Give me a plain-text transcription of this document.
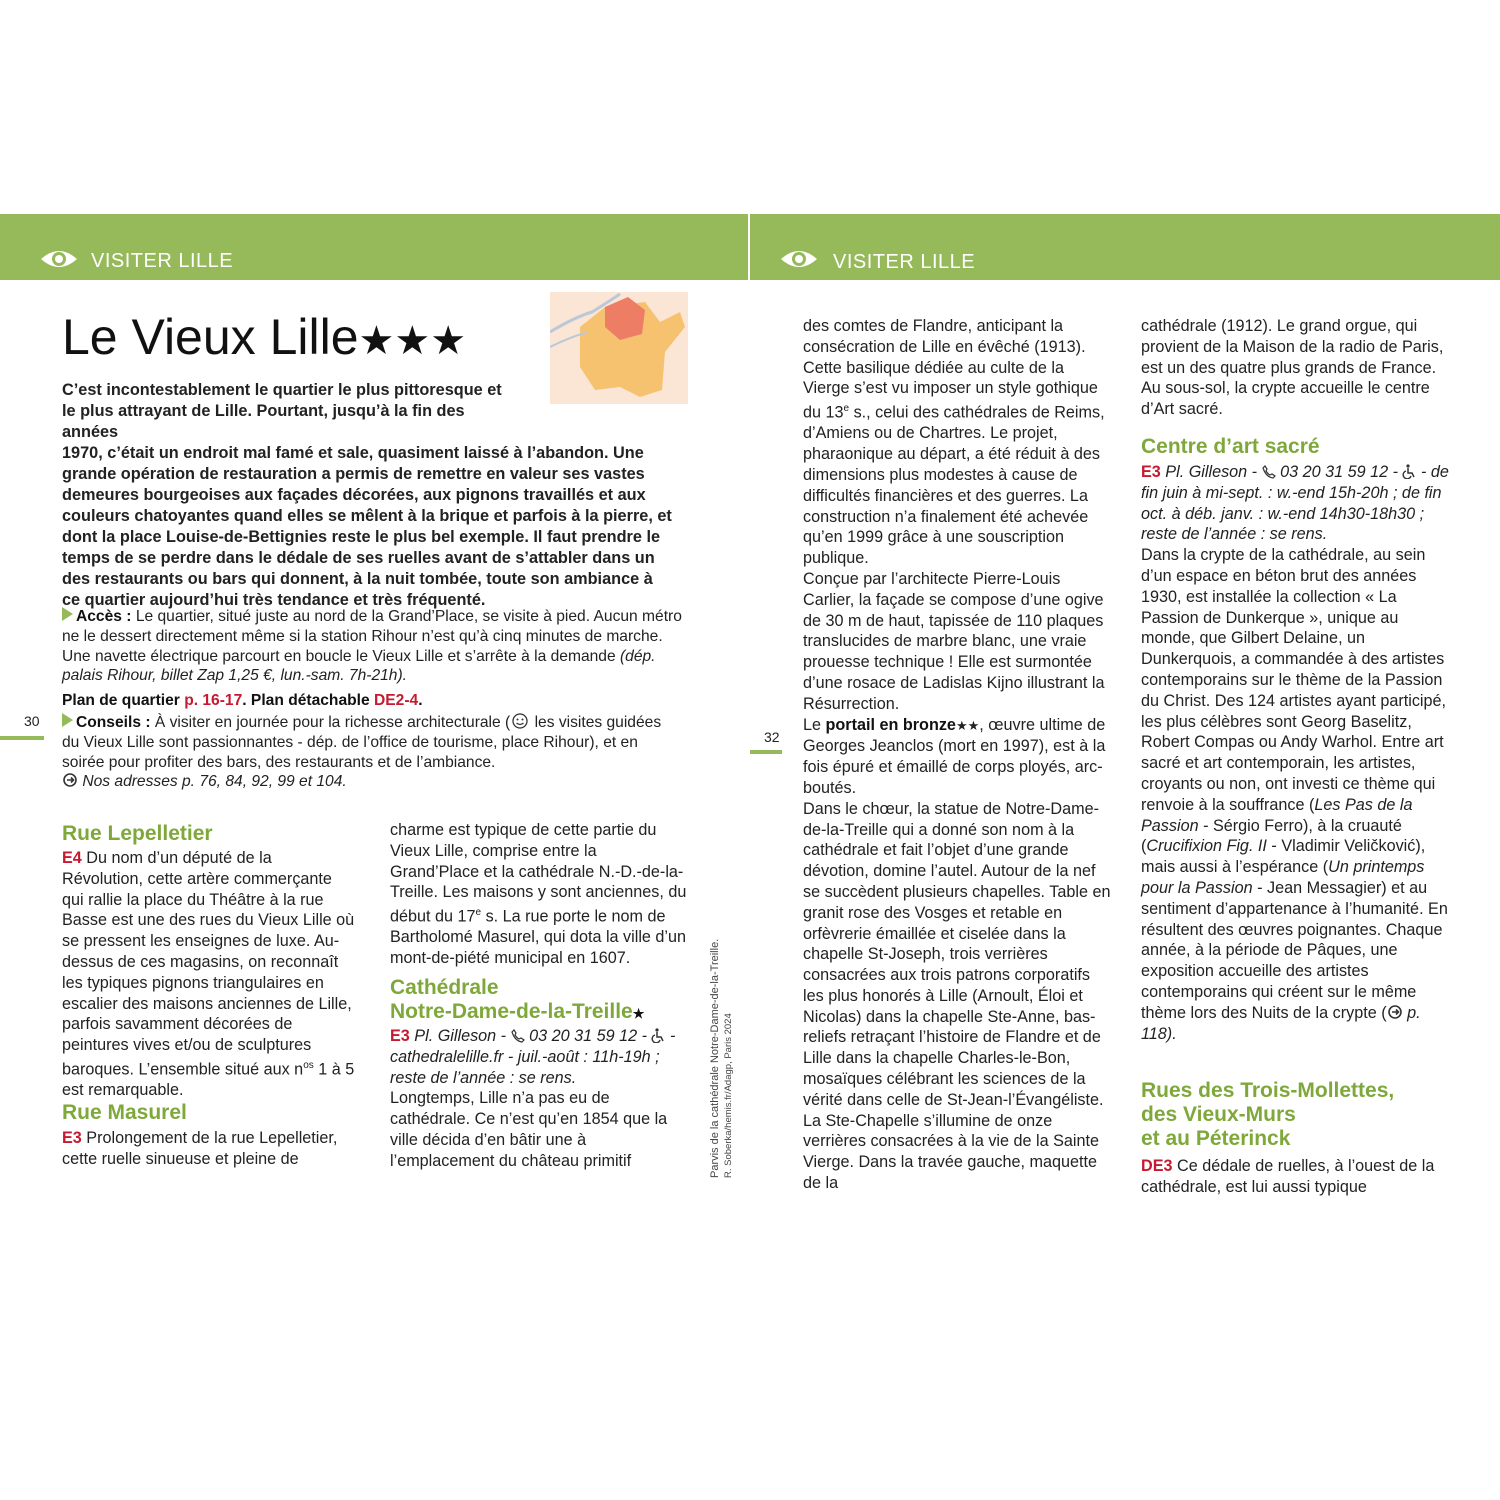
VISITER LILLE	VISITER LILLE
30
32
Le Vieux Lille★★★
C’est incontestablement le quartier le plus pittoresque et
le plus attrayant de Lille. Pourtant, jusqu’à la fin des années
1970, c’était un endroit mal famé et sale, quasiment laissé à l’abandon. Une grande opération de restauration a permis de remettre en valeur ses vastes demeures bourgeoises aux façades décorées, aux pignons travaillés et aux couleurs chatoyantes quand elles se mêlent à la brique et parfois à la pierre, et dont la place Louise-de-Bettignies reste le plus bel exemple. Il faut prendre le temps de se perdre dans le dédale de ses ruelles avant de s’attabler dans un des restaurants ou bars qui donnent, à la nuit tombée, toute son ambiance à ce quartier aujourd’hui très tendance et très fréquenté.
Accès : Le quartier, situé juste au nord de la Grand’Place, se visite à pied. Aucun métro ne le dessert directement même si la station Rihour n’est qu’à cinq minutes de marche. Une navette électrique parcourt en boucle le Vieux Lille et s’arrête à la demande (dép. palais Rihour, billet Zap 1,25 €, lun.-sam. 7h-21h).
Plan de quartier p. 16-17. Plan détachable DE2-4.
Conseils : À visiter en journée pour la richesse architecturale ( les visites guidées du Vieux Lille sont passionnantes - dép. de l’office de tourisme, place Rihour), et en soirée pour profiter des bars, des restaurants et de l’ambiance.
Nos adresses p. 76, 84, 92, 99 et 104.
Rue Lepelletier
E4 Du nom d’un député de la Révolution, cette artère commerçante qui rallie la place du Théâtre à la rue Basse est une des rues du Vieux Lille où se pressent les enseignes de luxe. Au-dessus de ces magasins, on reconnaît les typiques pignons triangulaires en escalier des maisons anciennes de Lille, parfois savamment décorées de peintures vives et/ou de sculptures baroques. L’ensemble situé aux $n^{os}$ 1 à 5 est remarquable.
Rue Masurel
E3 Prolongement de la rue Lepelletier, cette ruelle sinueuse et pleine de
charme est typique de cette partie du Vieux Lille, comprise entre la Grand’Place et la cathédrale N.-D.-de-la-Treille. Les maisons y sont anciennes, du début du 17e s. La rue porte le nom de Bartholomé Masurel, qui dota la ville d’un mont-de-piété municipal en 1607.
Cathédrale
Notre-Dame-de-la-Treille★
E3 Pl. Gilleson -  03 20 31 59 12 -  - cathedralelille.fr - juil.-août : 11h-19h ; reste de l’année : se rens.
Longtemps, Lille n’a pas eu de cathédrale. Ce n’est qu’en 1854 que la ville décida d’en bâtir une à l’emplacement du château primitif	Parvis de la cathédrale Notre-Dame-de-la-Treille. R. Soberka/hemis.fr/Adagp, Paris 2024
des comtes de Flandre, anticipant la consécration de Lille en évêché (1913). Cette basilique dédiée au culte de la Vierge s’est vu imposer un style gothique du 13e s., celui des cathédrales de Reims, d’Amiens ou de Chartres. Le projet, pharaonique au départ, a été réduit à des dimensions plus modestes à cause de difficultés financières et des guerres. La construction n’a finalement été achevée qu’en 1999 grâce à une souscription publique.
Conçue par l’architecte Pierre-Louis Carlier, la façade se compose d’une ogive de 30 m de haut, tapissée de 110 plaques translucides de marbre blanc, une vraie prouesse technique ! Elle est surmontée d’une rosace de Ladislas Kijno illustrant la Résurrection.
Le portail en bronze★★, œuvre ultime de Georges Jeanclos (mort en 1997), est à la fois épuré et émaillé de corps ployés, arc-boutés.
Dans le chœur, la statue de Notre-Dame-de-la-Treille qui a donné son nom à la cathédrale et fait l’objet d’une grande dévotion, domine l’autel. Autour de la nef se succèdent plusieurs chapelles. Table en granit rose des Vosges et retable en orfèvrerie émaillée et ciselée dans la chapelle St-Joseph, trois verrières consacrées aux trois patrons corporatifs les plus honorés à Lille (Arnoult, Éloi et Nicolas) dans la chapelle Ste-Anne, bas-reliefs retraçant l’histoire de Flandre et de Lille dans la chapelle Charles-le-Bon, mosaïques célébrant les sciences de la vérité dans celle de St-Jean-l’Évangéliste. La Ste-Chapelle s’illumine de onze verrières consacrées à la vie de la Sainte Vierge. Dans la travée gauche, maquette de la
cathédrale (1912). Le grand orgue, qui provient de la Maison de la radio de Paris, est un des quatre plus grands de France. Au sous-sol, la crypte accueille le centre d’Art sacré.
Centre d’art sacré
E3 Pl. Gilleson -  03 20 31 59 12 -  - de fin juin à mi-sept. : w.-end 15h-20h ; de fin oct. à déb. janv. : w.-end 14h30-18h30 ; reste de l’année : se rens.
Dans la crypte de la cathédrale, au sein d’un espace en béton brut des années 1930, est installée la collection « La Passion de Dunkerque », unique au monde, que Gilbert Delaine, un Dunkerquois, a commandée à des artistes contemporains sur le thème de la Passion du Christ. Des 124 artistes ayant participé, les plus célèbres sont Georg Baselitz, Robert Compas ou Andy Warhol. Entre art sacré et art contemporain, les artistes, croyants ou non, ont investi ce thème qui renvoie à la souffrance (Les Pas de la Passion - Sérgio Ferro), à la cruauté (Crucifixion Fig. II - Vladimir Veličković), mais aussi à l’espérance (Un printemps pour la Passion - Jean Messagier) et au sentiment d’appartenance à l’humanité. En résultent des œuvres poignantes. Chaque année, à la période de Pâques, une exposition accueille des artistes contemporains qui créent sur le même thème lors des Nuits de la crypte ( p. 118).
Rues des Trois-Mollettes,
des Vieux-Murs
et au Péterinck
DE3 Ce dédale de ruelles, à l’ouest de la cathédrale, est lui aussi typique
